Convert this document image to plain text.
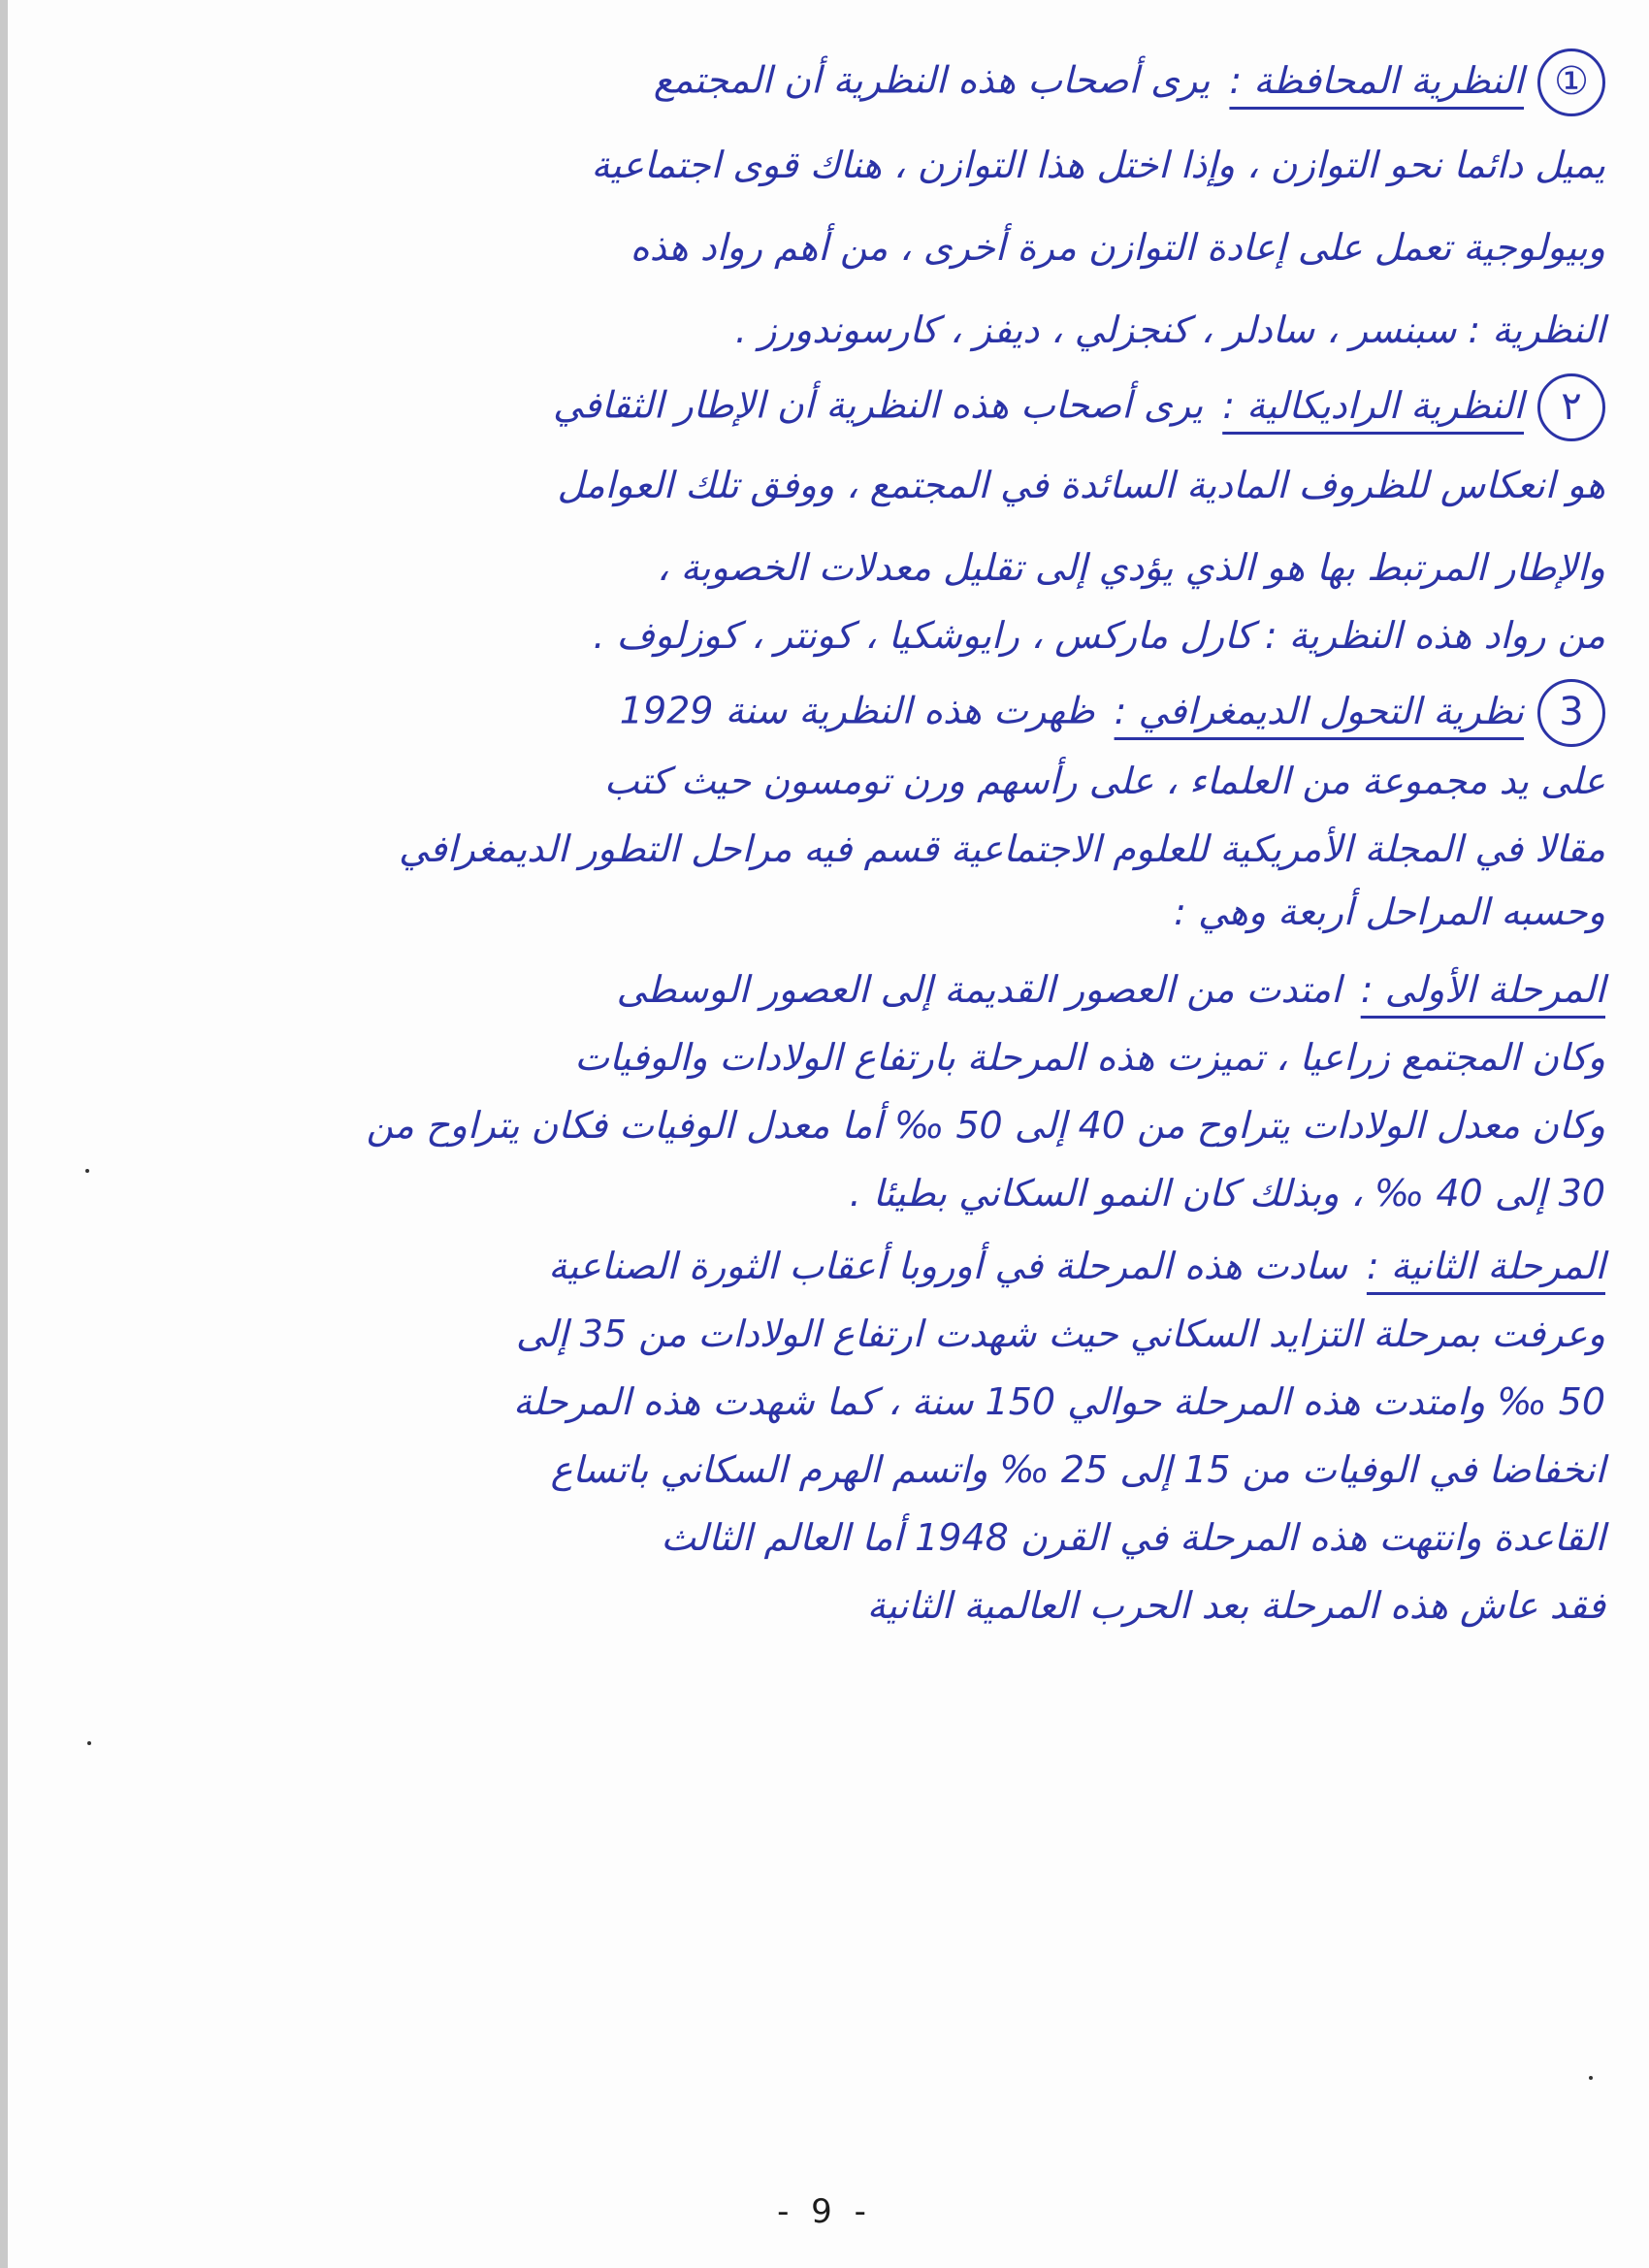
①النظرية المحافظة :يرى أصحاب هذه النظرية أن المجتمع
يميل دائما نحو التوازن ، وإذا اختل هذا التوازن ، هناك قوى اجتماعية
وبيولوجية تعمل على إعادة التوازن مرة أخرى ، من أهم رواد هذه
النظرية : سبنسر ، سادلر ، كنجزلي ، ديفز ، كارسوندورز .
٢النظرية الراديكالية :يرى أصحاب هذه النظرية أن الإطار الثقافي
هو انعكاس للظروف المادية السائدة في المجتمع ، ووفق تلك العوامل
والإطار المرتبط بها هو الذي يؤدي إلى تقليل معدلات الخصوبة ،
من رواد هذه النظرية : كارل ماركس ، رايوشكيا ، كونتر ، كوزلوف .
3نظرية التحول الديمغرافي :ظهرت هذه النظرية سنة 1929
على يد مجموعة من العلماء ، على رأسهم ورن تومسون حيث كتب
مقالا في المجلة الأمريكية للعلوم الاجتماعية قسم فيه مراحل التطور الديمغرافي
وحسبه المراحل أربعة وهي :
المرحلة الأولى :امتدت من العصور القديمة إلى العصور الوسطى
وكان المجتمع زراعيا ، تميزت هذه المرحلة بارتفاع الولادات والوفيات
وكان معدل الولادات يتراوح من 40 إلى 50 ‰ أما معدل الوفيات فكان يتراوح من
30 إلى 40 ‰ ، وبذلك كان النمو السكاني بطيئا .
المرحلة الثانية :سادت هذه المرحلة في أوروبا أعقاب الثورة الصناعية
وعرفت بمرحلة التزايد السكاني حيث شهدت ارتفاع الولادات من 35 إلى
50 ‰ وامتدت هذه المرحلة حوالي 150 سنة ، كما شهدت هذه المرحلة
انخفاضا في الوفيات من 15 إلى 25 ‰ واتسم الهرم السكاني باتساع
القاعدة وانتهت هذه المرحلة في القرن 1948 أما العالم الثالث
فقد عاش هذه المرحلة بعد الحرب العالمية الثانية
- 9 -
